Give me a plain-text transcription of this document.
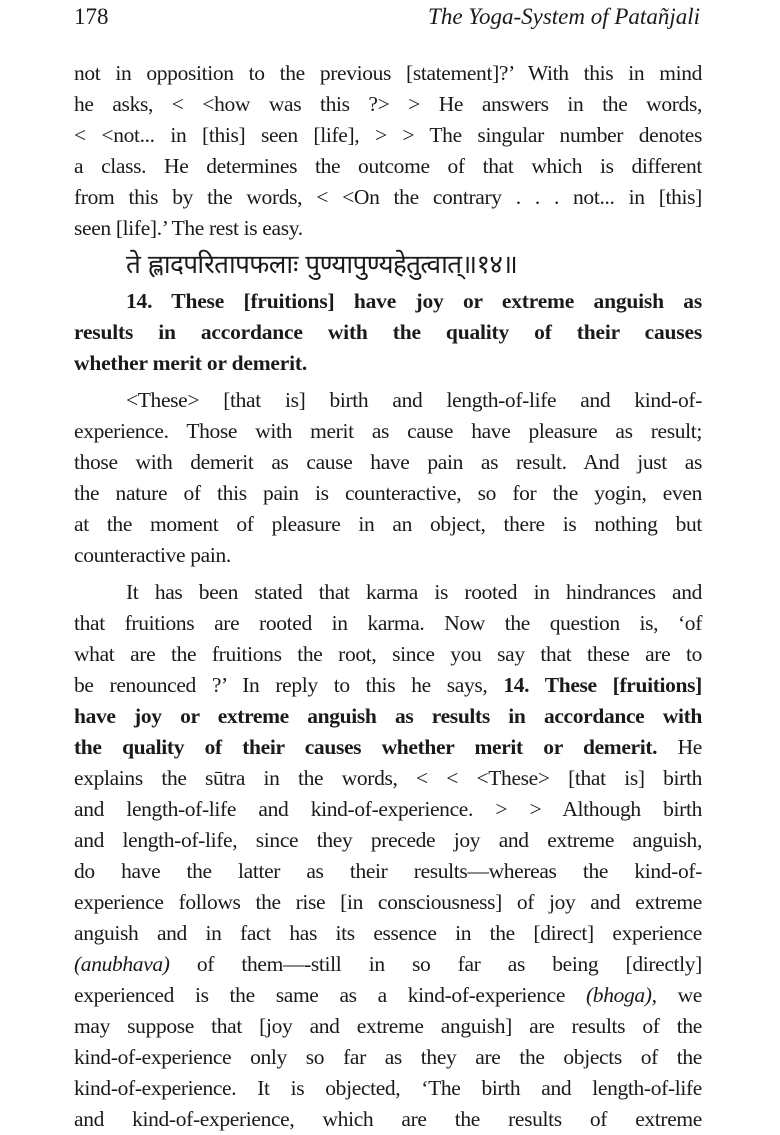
178	The Yoga-System of Patañjali
not in opposition to the previous [statement]?’ With this in mind
he asks, < <how was this ?> > He answers in the words,
< <not... in [this] seen [life], > > The singular number denotes
a class. He determines the outcome of that which is different
from this by the words, < <On the contrary . . . not... in [this]
seen [life].’ The rest is easy.
ते ह्लादपरितापफलाः पुण्यापुण्यहेतुत्वात्॥१४॥
14. These [fruitions] have joy or extreme anguish as
results in accordance with the quality of their causes
whether merit or demerit.
<These> [that is] birth and length-of-life and kind-of-
experience. Those with merit as cause have pleasure as result;
those with demerit as cause have pain as result. And just as
the nature of this pain is counteractive, so for the yogin, even
at the moment of pleasure in an object, there is nothing but
counteractive pain.
It has been stated that karma is rooted in hindrances and
that fruitions are rooted in karma. Now the question is, ‘of
what are the fruitions the root, since you say that these are to
be renounced ?’ In reply to this he says, 14. These [fruitions]
have joy or extreme anguish as results in accordance with
the quality of their causes whether merit or demerit. He
explains the sūtra in the words, < < <These> [that is] birth
and length-of-life and kind-of-experience. > > Although birth
and length-of-life, since they precede joy and extreme anguish,
do have the latter as their results—whereas the kind-of-
experience follows the rise [in consciousness] of joy and extreme
anguish and in fact has its essence in the [direct] experience
(anubhava) of them—-still in so far as being [directly]
experienced is the same as a kind-of-experience (bhoga), we
may suppose that [joy and extreme anguish] are results of the
kind-of-experience only so far as they are the objects of the
kind-of-experience. It is objected, ‘The birth and length-of-life
and kind-of-experience, which are the results of extreme
